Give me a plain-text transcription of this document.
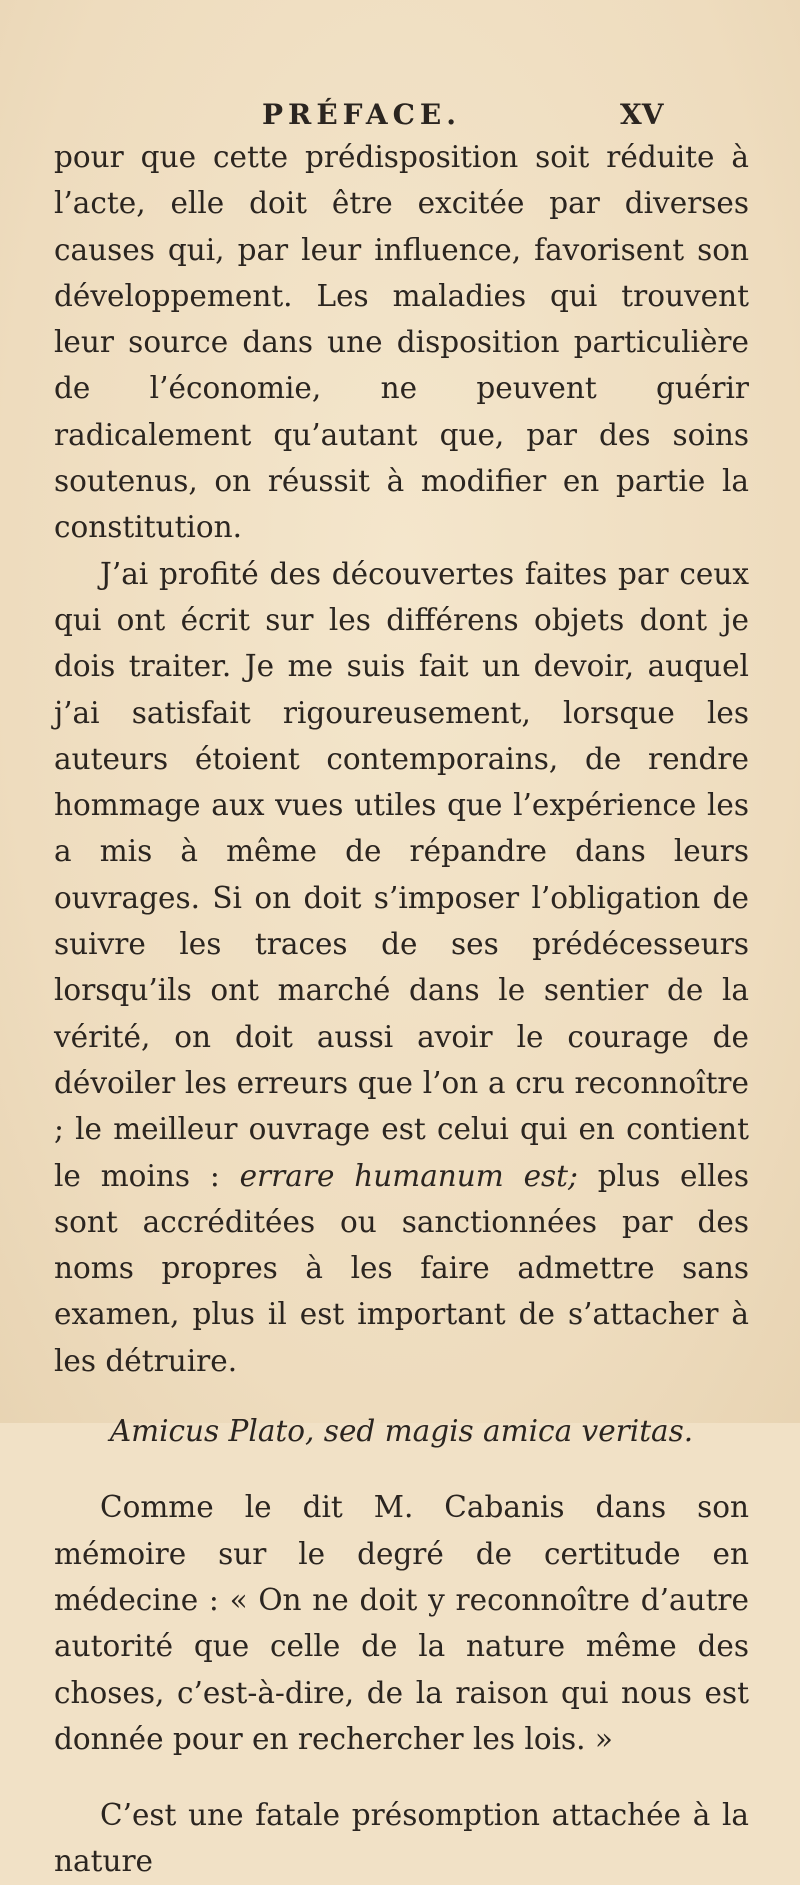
PRÉFACE.	XV

pour que cette prédisposition soit réduite à l’acte, elle doit être excitée par diverses causes qui, par leur influence, favorisent son développement. Les maladies qui trouvent leur source dans une disposition particulière de l’économie, ne peuvent guérir radicalement qu’autant que, par des soins soutenus, on réussit à modifier en partie la constitution.

J’ai profité des découvertes faites par ceux qui ont écrit sur les différens objets dont je dois traiter. Je me suis fait un devoir, auquel j’ai satisfait rigoureusement, lorsque les auteurs étoient contemporains, de rendre hommage aux vues utiles que l’expérience les a mis à même de répandre dans leurs ouvrages. Si on doit s’imposer l’obligation de suivre les traces de ses prédécesseurs lorsqu’ils ont marché dans le sentier de la vérité, on doit aussi avoir le courage de dévoiler les erreurs que l’on a cru reconnoître ; le meilleur ouvrage est celui qui en contient le moins : errare humanum est; plus elles sont accréditées ou sanctionnées par des noms propres à les faire admettre sans examen, plus il est important de s’attacher à les détruire.

Amicus Plato, sed magis amica veritas.

Comme le dit M. Cabanis dans son mémoire sur le degré de certitude en médecine : « On ne doit y reconnoître d’autre autorité que celle de la nature même des choses, c’est-à-dire, de la raison qui nous est donnée pour en rechercher les lois. »

C’est une fatale présomption attachée à la nature
